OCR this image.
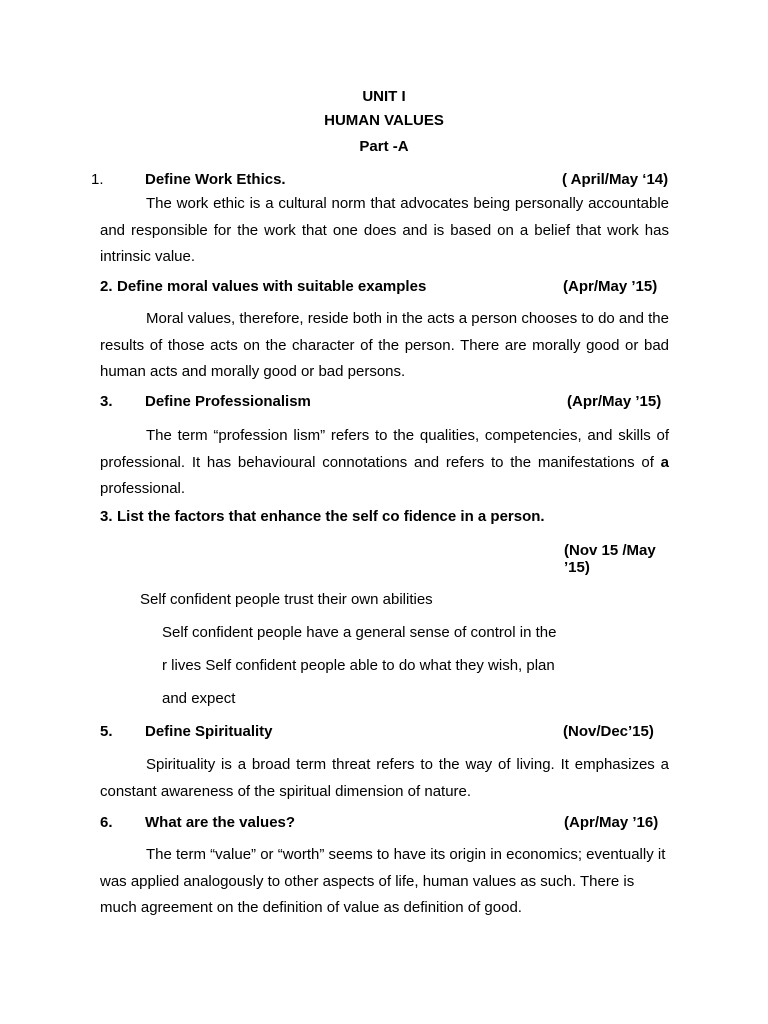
UNIT I
HUMAN VALUES
Part -A
1.	Define Work Ethics.	( April/May ‘14)
The work ethic is a cultural norm that advocates being personally accountable and responsible for the work that one does and is based on a belief that work has intrinsic value.
2. Define moral values with suitable examples	(Apr/May ’15)
Moral values, therefore, reside both in the acts a person chooses to do and the results of those acts on the character of the person. There are morally good or bad human acts and morally good or bad persons.
3. Define Professionalism	(Apr/May ’15)
The term “profession lism” refers to the qualities, competencies, and skills of professional. It has behavioural connotations and refers to the manifestations of a professional.
3. List the factors that enhance the self co fidence in a person.
(Nov 15 /May
’15)
Self confident people trust their own abilities
Self confident people have a general sense of control in the
r lives Self confident people able to do what they wish, plan
and expect
5. Define Spirituality	(Nov/Dec’15)
Spirituality is a broad term threat refers to the way of living. It emphasizes a constant awareness of the spiritual dimension of nature.
6. What are the values?	(Apr/May ’16)
The term “value” or “worth” seems to have its origin in economics; eventually it was applied analogously to other aspects of life, human values as such. There is much agreement on the definition of value as definition of good.
